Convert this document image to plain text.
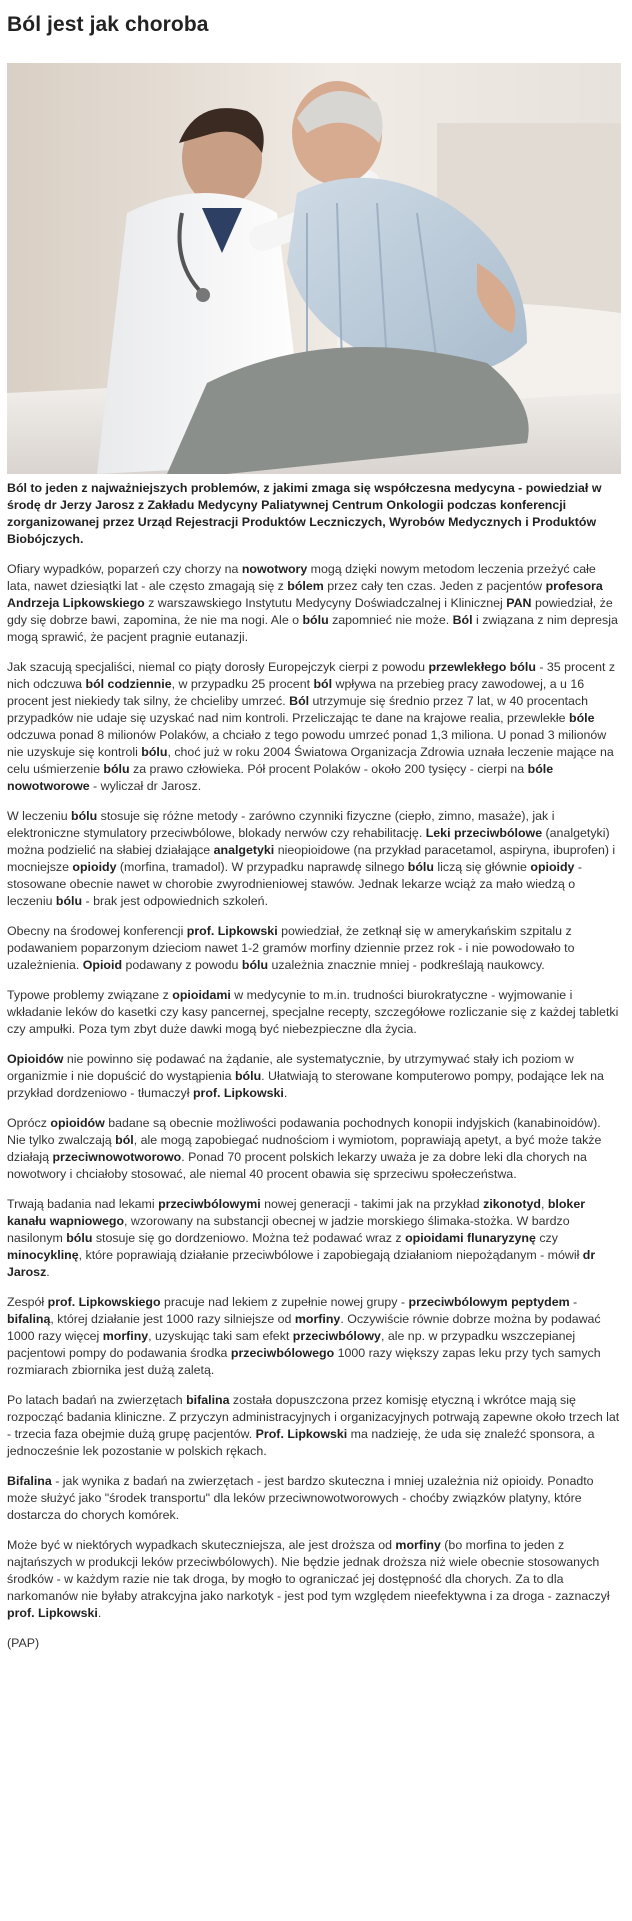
Ból jest jak choroba

Ból to jeden z najważniejszych problemów, z jakimi zmaga się współczesna medycyna - powiedział w środę dr Jerzy Jarosz z Zakładu Medycyny Paliatywnej Centrum Onkologii podczas konferencji zorganizowanej przez Urząd Rejestracji Produktów Leczniczych, Wyrobów Medycznych i Produktów Biobójczych.

Ofiary wypadków, poparzeń czy chorzy na nowotwory mogą dzięki nowym metodom leczenia przeżyć całe lata, nawet dziesiątki lat - ale często zmagają się z bólem przez cały ten czas. Jeden z pacjentów profesora Andrzeja Lipkowskiego z warszawskiego Instytutu Medycyny Doświadczalnej i Klinicznej PAN powiedział, że gdy się dobrze bawi, zapomina, że nie ma nogi. Ale o bólu zapomnieć nie może. Ból i związana z nim depresja mogą sprawić, że pacjent pragnie eutanazji.

Jak szacują specjaliści, niemal co piąty dorosły Europejczyk cierpi z powodu przewlekłego bólu - 35 procent z nich odczuwa ból codziennie, w przypadku 25 procent ból wpływa na przebieg pracy zawodowej, a u 16 procent jest niekiedy tak silny, że chcieliby umrzeć. Ból utrzymuje się średnio przez 7 lat, w 40 procentach przypadków nie udaje się uzyskać nad nim kontroli. Przeliczając te dane na krajowe realia, przewlekłe bóle odczuwa ponad 8 milionów Polaków, a chciało z tego powodu umrzeć ponad 1,3 miliona. U ponad 3 milionów nie uzyskuje się kontroli bólu, choć już w roku 2004 Światowa Organizacja Zdrowia uznała leczenie mające na celu uśmierzenie bólu za prawo człowieka. Pół procent Polaków - około 200 tysięcy - cierpi na bóle nowotworowe - wyliczał dr Jarosz.

W leczeniu bólu stosuje się różne metody - zarówno czynniki fizyczne (ciepło, zimno, masaże), jak i elektroniczne stymulatory przeciwbólowe, blokady nerwów czy rehabilitację. Leki przeciwbólowe (analgetyki) można podzielić na słabiej działające analgetyki nieopioidowe (na przykład paracetamol, aspiryna, ibuprofen) i mocniejsze opioidy (morfina, tramadol). W przypadku naprawdę silnego bólu liczą się głównie opioidy - stosowane obecnie nawet w chorobie zwyrodnieniowej stawów. Jednak lekarze wciąż za mało wiedzą o leczeniu bólu - brak jest odpowiednich szkoleń.

Obecny na środowej konferencji prof. Lipkowski powiedział, że zetknął się w amerykańskim szpitalu z podawaniem poparzonym dzieciom nawet 1-2 gramów morfiny dziennie przez rok - i nie powodowało to uzależnienia. Opioid podawany z powodu bólu uzależnia znacznie mniej - podkreślają naukowcy.

Typowe problemy związane z opioidami w medycynie to m.in. trudności biurokratyczne - wyjmowanie i wkładanie leków do kasetki czy kasy pancernej, specjalne recepty, szczegółowe rozliczanie się z każdej tabletki czy ampułki. Poza tym zbyt duże dawki mogą być niebezpieczne dla życia.

Opioidów nie powinno się podawać na żądanie, ale systematycznie, by utrzymywać stały ich poziom w organizmie i nie dopuścić do wystąpienia bólu. Ułatwiają to sterowane komputerowo pompy, podające lek na przykład dordzeniowo - tłumaczył prof. Lipkowski.

Oprócz opioidów badane są obecnie możliwości podawania pochodnych konopii indyjskich (kanabinoidów). Nie tylko zwalczają ból, ale mogą zapobiegać nudnościom i wymiotom, poprawiają apetyt, a być może także działają przeciwnowotworowo. Ponad 70 procent polskich lekarzy uważa je za dobre leki dla chorych na nowotwory i chciałoby stosować, ale niemal 40 procent obawia się sprzeciwu społeczeństwa.

Trwają badania nad lekami przeciwbólowymi nowej generacji - takimi jak na przykład zikonotyd, bloker kanału wapniowego, wzorowany na substancji obecnej w jadzie morskiego ślimaka-stożka. W bardzo nasilonym bólu stosuje się go dordzeniowo. Można też podawać wraz z opioidami flunaryzynę czy minocyklinę, które poprawiają działanie przeciwbólowe i zapobiegają działaniom niepożądanym - mówił dr Jarosz.

Zespół prof. Lipkowskiego pracuje nad lekiem z zupełnie nowej grupy - przeciwbólowym peptydem - bifaliną, której działanie jest 1000 razy silniejsze od morfiny. Oczywiście równie dobrze można by podawać 1000 razy więcej morfiny, uzyskując taki sam efekt przeciwbólowy, ale np. w przypadku wszczepianej pacjentowi pompy do podawania środka przeciwbólowego 1000 razy większy zapas leku przy tych samych rozmiarach zbiornika jest dużą zaletą.

Po latach badań na zwierzętach bifalina została dopuszczona przez komisję etyczną i wkrótce mają się rozpocząć badania kliniczne. Z przyczyn administracyjnych i organizacyjnych potrwają zapewne około trzech lat - trzecia faza obejmie dużą grupę pacjentów. Prof. Lipkowski ma nadzieję, że uda się znaleźć sponsora, a jednocześnie lek pozostanie w polskich rękach.

Bifalina - jak wynika z badań na zwierzętach - jest bardzo skuteczna i mniej uzależnia niż opioidy. Ponadto może służyć jako "środek transportu" dla leków przeciwnowotworowych - choćby związków platyny, które dostarcza do chorych komórek.

Może być w niektórych wypadkach skuteczniejsza, ale jest droższa od morfiny (bo morfina to jeden z najtańszych w produkcji leków przeciwbólowych). Nie będzie jednak droższa niż wiele obecnie stosowanych środków - w każdym razie nie tak droga, by mogło to ograniczać jej dostępność dla chorych. Za to dla narkomanów nie byłaby atrakcyjna jako narkotyk - jest pod tym względem nieefektywna i za droga - zaznaczył prof. Lipkowski.

(PAP)
